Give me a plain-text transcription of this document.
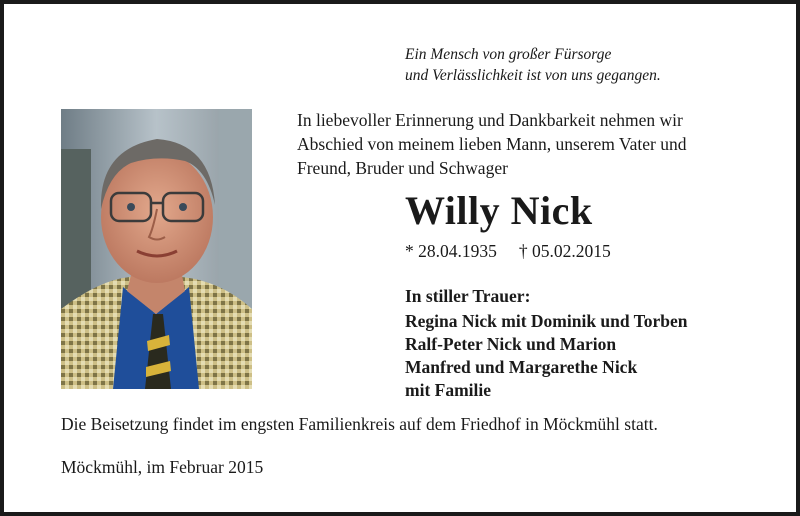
Ein Mensch von großer Fürsorge
und Verlässlichkeit ist von uns gegangen.
In liebevoller Erinnerung und Dankbarkeit nehmen wir
Abschied von meinem lieben Mann, unserem Vater und
Freund, Bruder und Schwager
Willy Nick
* 28.04.1935 † 05.02.2015
In stiller Trauer:
Regina Nick mit Dominik und Torben
Ralf-Peter Nick und Marion
Manfred und Margarethe Nick
mit Familie
Die Beisetzung findet im engsten Familienkreis auf dem Friedhof in Möckmühl statt.
Möckmühl, im Februar 2015
